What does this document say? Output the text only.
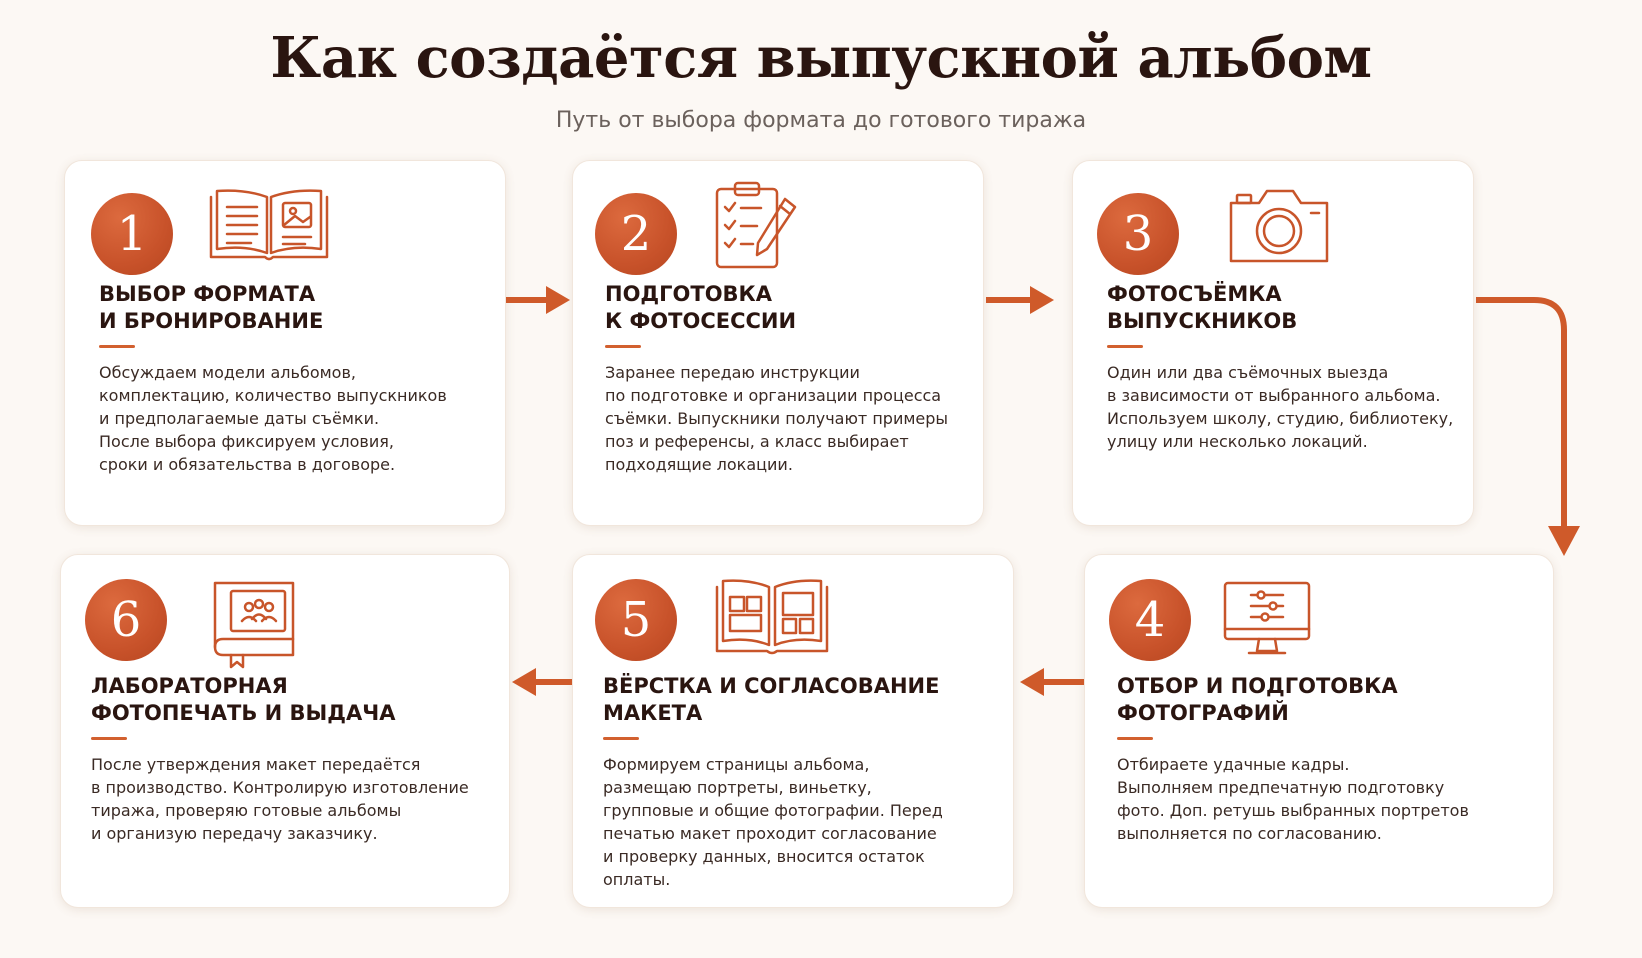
Как создаётся выпускной альбом
Путь от выбора формата до готового тиража
1
ВЫБОР ФОРМАТА
И БРОНИРОВАНИЕ
Обсуждаем модели альбомов,
комплектацию, количество выпускников
и предполагаемые даты съёмки.
После выбора фиксируем условия,
сроки и обязательства в договоре.
2
ПОДГОТОВКА
К ФОТОСЕССИИ
Заранее передаю инструкции
по подготовке и организации процесса
съёмки. Выпускники получают примеры
поз и референсы, а класс выбирает
подходящие локации.
3
ФОТОСЪЁМКА
ВЫПУСКНИКОВ
Один или два съёмочных выезда
в зависимости от выбранного альбома.
Используем школу, студию, библиотеку,
улицу или несколько локаций.
6
ЛАБОРАТОРНАЯ
ФОТОПЕЧАТЬ И ВЫДАЧА
После утверждения макет передаётся
в производство. Контролирую изготовление
тиража, проверяю готовые альбомы
и организую передачу заказчику.
5
ВЁРСТКА И СОГЛАСОВАНИЕ
МАКЕТА
Формируем страницы альбома,
размещаю портреты, виньетку,
групповые и общие фотографии. Перед
печатью макет проходит согласование
и проверку данных, вносится остаток
оплаты.
4
ОТБОР И ПОДГОТОВКА
ФОТОГРАФИЙ
Отбираете удачные кадры.
Выполняем предпечатную подготовку
фото. Доп. ретушь выбранных портретов
выполняется по согласованию.
